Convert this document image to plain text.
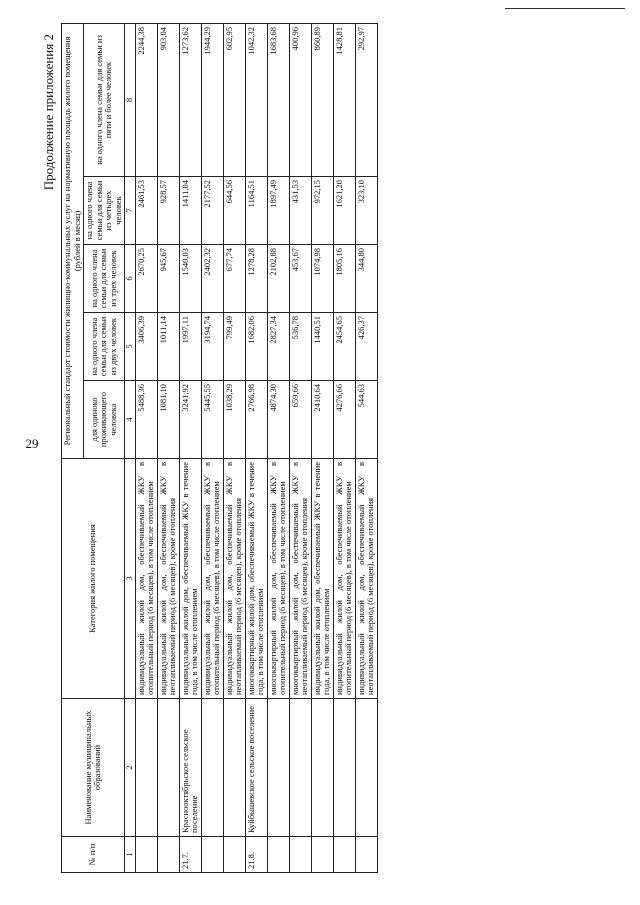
29
Продолжение приложения 2
№ п/п	Наименование муниципальных образований	Категория жилого помещения	Региональный стандарт стоимости жилищно-коммунальных услуг на нормативную площадь жилого помещения (рублей в месяц)				
			для одиноко проживающего человека	на одного члена семьи для семьи из двух человек	на одного члена семьи для семьи из трех человек	на одного члена семьи для семьи из четырех человек	на одного члена семьи для семьи из пяти и более человек
1	2	3	4	5	6	7	8
		индивидуальный жилой дом, обеспечиваемый ЖКУ в отопительный период (6 месяцев), в том числе отоплением	5488,36	3406,39	2670,25	2461,53	2244,38
		индивидуальный жилой дом, обеспечиваемый ЖКУ в неотапливаемый период (6 месяцев), кроме отопления	1081,10	1011,14	945,67	928,57	903,04
21.7.	Краснооктябрьское сельское поселение	индивидуальный жилой дом, обеспечиваемый ЖКУ в течение года, в том числе отоплением	3241,92	1997,11	1540,03	1411,04	1273,62
		индивидуальный жилой дом, обеспечиваемый ЖКУ в отопительный период (6 месяцев), в том числе отоплением	5445,55	3194,74	2402,32	2177,52	1944,29
		индивидуальный жилой дом, обеспечиваемый ЖКУ в неотапливаемый период (6 месяцев), кроме отопления	1038,29	799,49	677,74	644,56	602,95
21.8.	Куйбышевское сельское поселение	многоквартирный жилой дом, обеспечиваемый ЖКУ в течение года, в том числе отоплением	2766,98	1682,06	1278,28	1164,51	1042,32
		многоквартирный жилой дом, обеспечиваемый ЖКУ в отопительный период (6 месяцев), в том числе отоплением	4874,30	2827,34	2102,88	1897,49	1683,68
		многоквартирный жилой дом, обеспечиваемый ЖКУ в неотапливаемый период (6 месяцев), кроме отопления	659,66	536,78	453,67	431,53	400,96
		индивидуальный жилой дом, обеспечиваемый ЖКУ в течение года, в том числе отоплением	2410,64	1440,51	1074,98	972,15	860,89
		индивидуальный жилой дом, обеспечиваемый ЖКУ в отопительный период (6 месяцев), в том числе отоплением	4276,66	2454,65	1805,16	1621,20	1428,81
		индивидуальный жилой дом, обеспечиваемый ЖКУ в неотапливаемый период (6 месяцев), кроме отопления	544,63	426,37	344,80	323,10	292,97
